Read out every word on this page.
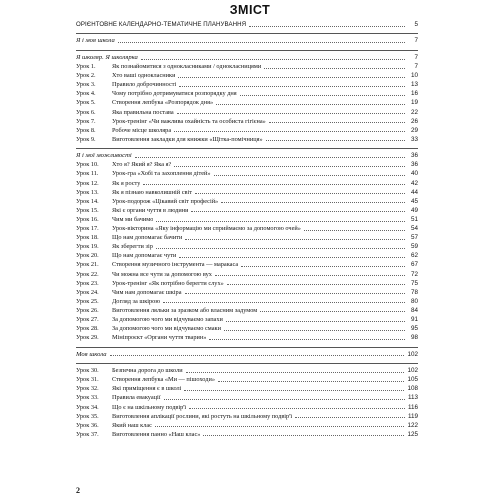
ЗМІСТ
ОРІЄНТОВНЕ КАЛЕНДАРНО-ТЕМАТИЧНЕ ПЛАНУВАННЯ	5
Я і моя школа	7
Я школяр. Я школярка	7
Урок 1.	Як познайомитися з однокласниками / однокласницями	7
Урок 2.	Хто вашi однокласники	10
Урок 3.	Правило доброчинності	13
Урок 4.	Чому потрібно дотримуватися розпорядку дня	16
Урок 5.	Створення лепбука «Розпорядок дня»	19
Урок 6.	Яка правильна постава	22
Урок 7.	Урок-тренінг «Чи важлива охайність та особиста гігієна»	26
Урок 8.	Робоче місце школяра	29
Урок 9.	Виготовлення закладки для книжки «Щітка-помічниця»	33
Я і мої можливості	36
Урок 10.	Хто я? Який я? Яка я?	36
Урок 11.	Урок-гра «Хобі та захоплення дітей»	40
Урок 12.	Як я росту	42
Урок 13.	Як я пізнаю навколишній світ	44
Урок 14.	Урок-подорож «Цікавий світ професій»	45
Урок 15.	Які є органи чуття в людини	49
Урок 16.	Чим ми бачимо	51
Урок 17.	Урок-вікторина «Яку інформацію ми сприймаємо за допомогою очей»	54
Урок 18.	Що нам допомагає бачити	57
Урок 19.	Як зберегти зір	59
Урок 20.	Що нам допомагає чути	62
Урок 21.	Створення музичного інструмента — маракаса	67
Урок 22.	Чи можна все чути за допомогою вух	72
Урок 23.	Урок-тренінг «Як потрібно берегти слух»	75
Урок 24.	Чим нам допомагає шкіра	78
Урок 25.	Догляд за шкірою	80
Урок 26.	Виготовлення ляльки за зразком або власним задумом	84
Урок 27.	За допомогою чого ми відчуваємо запахи	91
Урок 28.	За допомогою чого ми відчуваємо смаки	95
Урок 29.	Мініпроєкт «Органи чуття тварин»	98
Моя школа	102
Урок 30.	Безпечна дорога до школи	102
Урок 31.	Створення лепбука «Ми — пішоходи»	105
Урок 32.	Які приміщення є в школі	108
Урок 33.	Правила евакуації	113
Урок 34.	Що є на шкільному подвір'ї	116
Урок 35.	Виготовлення аплікації рослини, які ростуть на шкільному подвір'ї	119
Урок 36.	Який наш клас	122
Урок 37.	Виготовлення панно «Наш клас»	125
2
